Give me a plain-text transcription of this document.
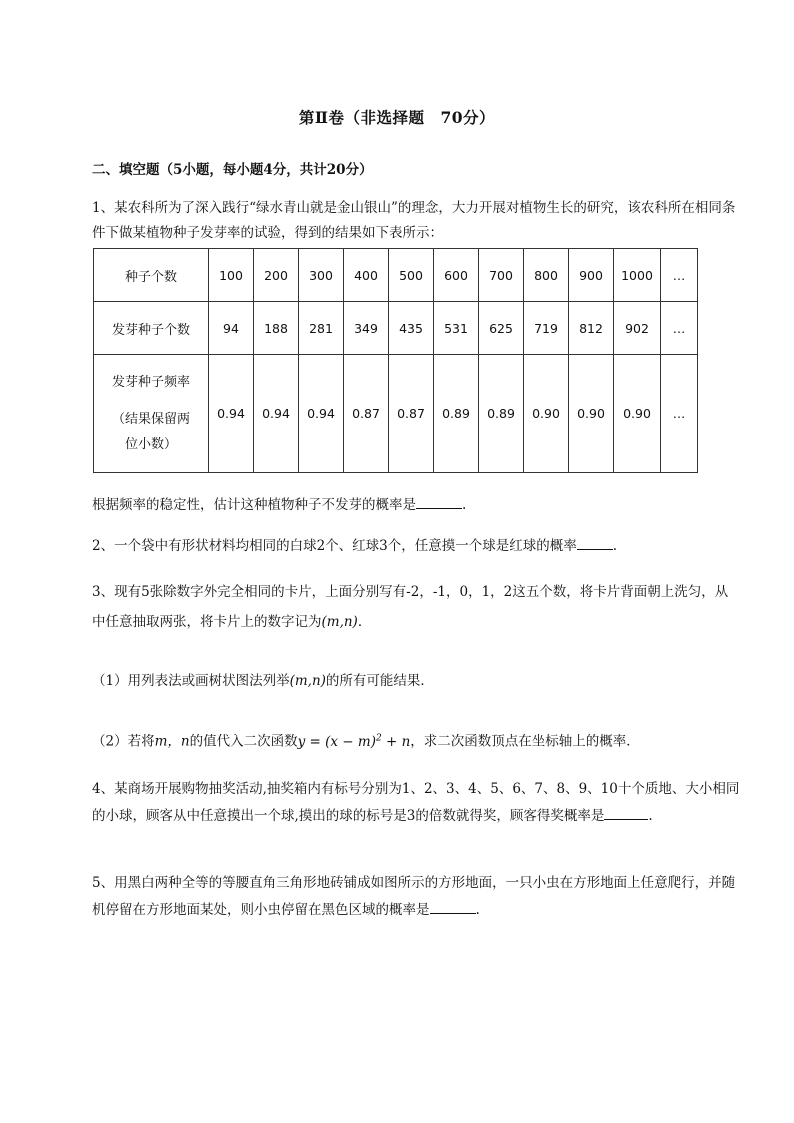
第Ⅱ卷（非选择题　70分）
二、填空题（5小题，每小题4分，共计20分）
1、某农科所为了深入践行“绿水青山就是金山银山”的理念，大力开展对植物生长的研究，该农科所在相同条件下做某植物种子发芽率的试验，得到的结果如下表所示：
种子个数	100	200	300	400	500	600	700	800	900	1000	…
发芽种子个数	94	188	281	349	435	531	625	719	812	902	…

发芽种子频率
（结果保留两
位小数）	0.94	0.94	0.94	0.87	0.87	0.89	0.89	0.90	0.90	0.90	…
根据频率的稳定性，估计这种植物种子不发芽的概率是	.
2、一个袋中有形状材料均相同的白球2个、红球3个，任意摸一个球是红球的概率	.
3、现有5张除数字外完全相同的卡片，上面分别写有-2，-1，0，1，2这五个数，将卡片背面朝上洗匀，从中任意抽取两张，将卡片上的数字记为(m,n)．
（1）用列表法或画树状图法列举(m,n)的所有可能结果．
（2）若将m，n的值代入二次函数$y = (x - m)^2 + n$，求二次函数顶点在坐标轴上的概率．
4、某商场开展购物抽奖活动,抽奖箱内有标号分别为1、2、3、4、5、6、7、8、9、10十个质地、大小相同的小球，顾客从中任意摸出一个球,摸出的球的标号是3的倍数就得奖，顾客得奖概率是	.
5、用黑白两种全等的等腰直角三角形地砖铺成如图所示的方形地面，一只小虫在方形地面上任意爬行，并随机停留在方形地面某处，则小虫停留在黑色区域的概率是	.
